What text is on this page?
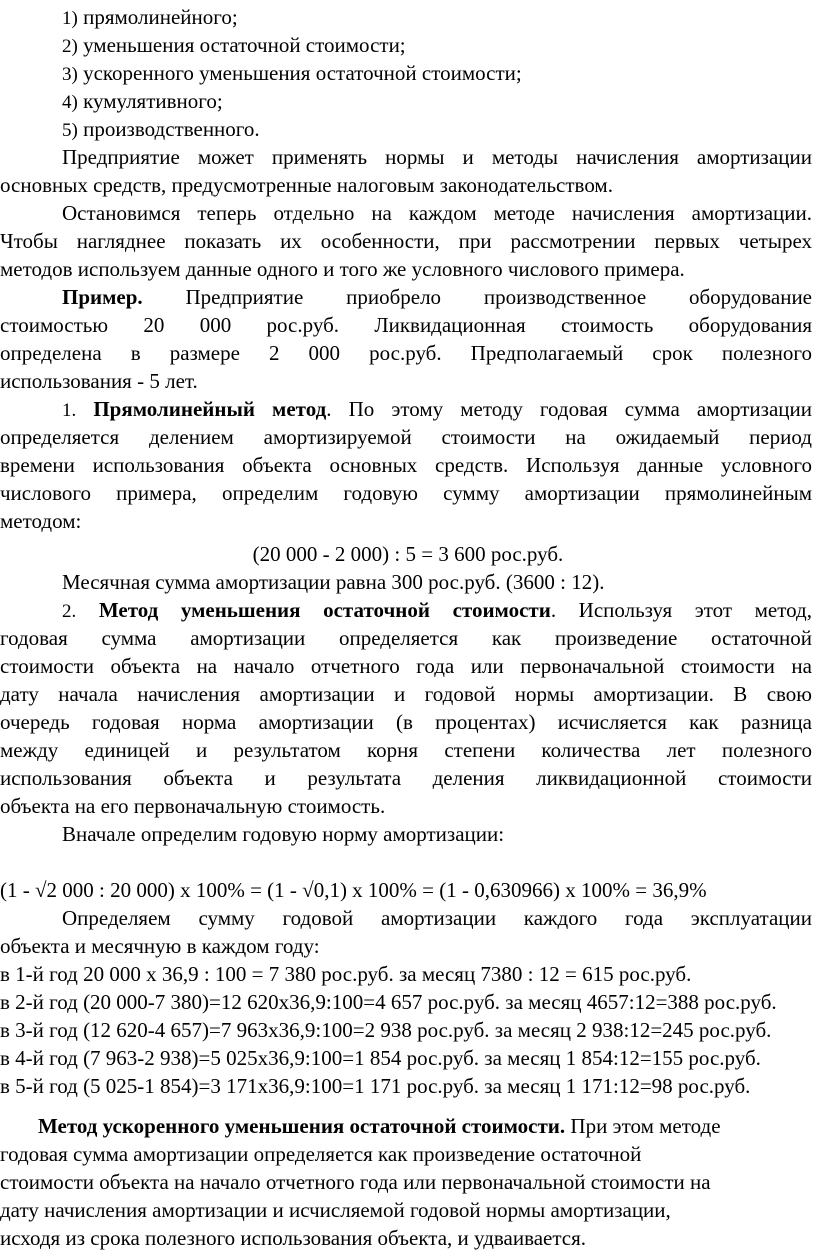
1) прямолинейного;
2) уменьшения остаточной стоимости;
3) ускоренного уменьшения остаточной стоимости;
4) кумулятивного;
5) производственного.
Предприятие может применять нормы и методы начисления амортизации
основных средств, предусмотренные налоговым законодательством.
Остановимся теперь отдельно на каждом методе начисления амортизации.
Чтобы нагляднее показать их особенности, при рассмотрении первых четырех
методов используем данные одного и того же условного числового примера.
Пример. Предприятие приобрело производственное оборудование
стоимостью 20 000 рос.руб. Ликвидационная стоимость оборудования
определена в размере 2 000 рос.руб. Предполагаемый срок полезного
использования - 5 лет.
1. Прямолинейный метод. По этому методу годовая сумма амортизации
определяется делением амортизируемой стоимости на ожидаемый период
времени использования объекта основных средств. Используя данные условного
числового примера, определим годовую сумму амортизации прямолинейным
методом:
(20 000 - 2 000) : 5 = 3 600 рос.руб.
Месячная сумма амортизации равна 300 рос.руб. (3600 : 12).
2. Метод уменьшения остаточной стоимости. Используя этот метод,
годовая сумма амортизации определяется как произведение остаточной
стоимости объекта на начало отчетного года или первоначальной стоимости на
дату начала начисления амортизации и годовой нормы амортизации. В свою
очередь годовая норма амортизации (в процентах) исчисляется как разница
между единицей и результатом корня степени количества лет полезного
использования объекта и результата деления ликвидационной стоимости
объекта на его первоначальную стоимость.
Вначале определим годовую норму амортизации:
(1 - √2 000 : 20 000) х 100% = (1 - √0,1) х 100% = (1 - 0,630966) х 100% = 36,9%
Определяем сумму годовой амортизации каждого года эксплуатации
объекта и месячную в каждом году:
в 1-й год 20 000 х 36,9 : 100 = 7 380 рос.руб. за месяц 7380 : 12 = 615 рос.руб.
в 2-й год (20 000-7 380)=12 620х36,9:100=4 657 рос.руб. за месяц 4657:12=388 рос.руб.
в 3-й год (12 620-4 657)=7 963х36,9:100=2 938 рос.руб. за месяц 2 938:12=245 рос.руб.
в 4-й год (7 963-2 938)=5 025х36,9:100=1 854 рос.руб. за месяц 1 854:12=155 рос.руб.
в 5-й год (5 025-1 854)=3 171х36,9:100=1 171 рос.руб. за месяц 1 171:12=98 рос.руб.
Метод ускоренного уменьшения остаточной стоимости. При этом методе
годовая сумма амортизации определяется как произведение остаточной
стоимости объекта на начало отчетного года или первоначальной стоимости на
дату начисления амортизации и исчисляемой годовой нормы амортизации,
исходя из срока полезного использования объекта, и удваивается.
